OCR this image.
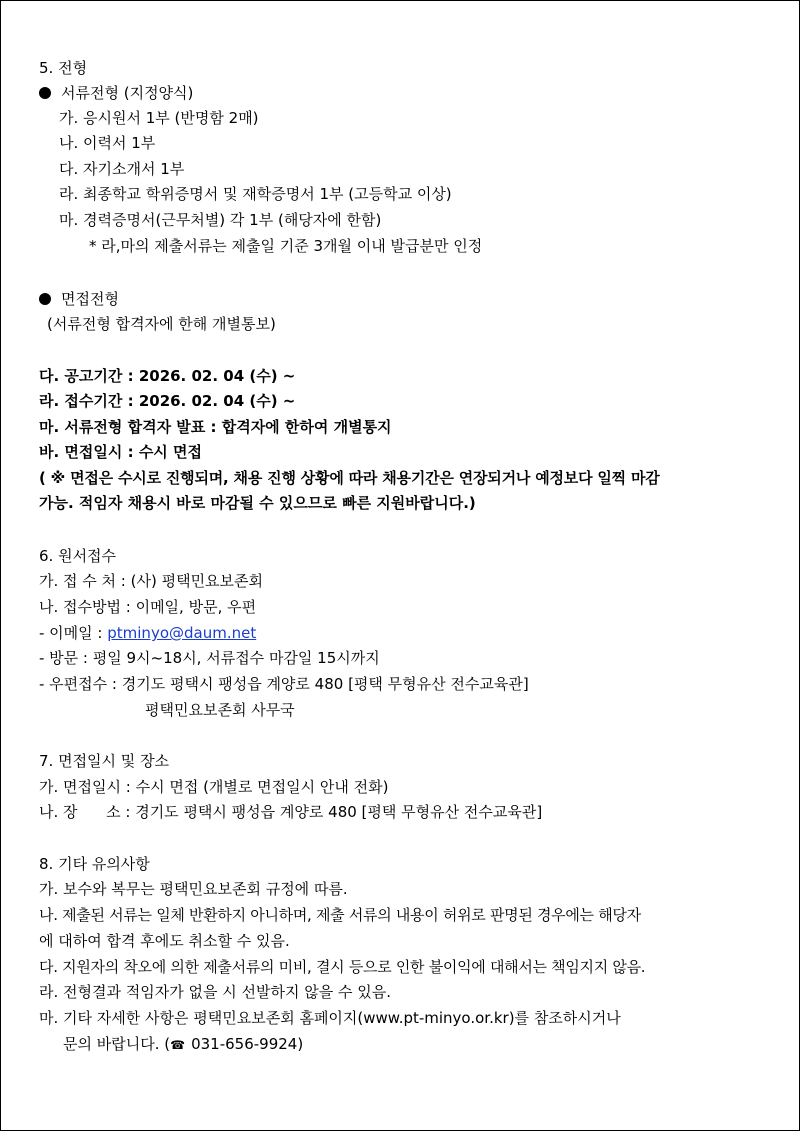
5. 전형
서류전형 (지정양식)
가. 응시원서 1부 (반명함 2매)
나. 이력서 1부
다. 자기소개서 1부
라. 최종학교 학위증명서 및 재학증명서 1부 (고등학교 이상)
마. 경력증명서(근무처별) 각 1부 (해당자에 한함)
* 라,마의 제출서류는 제출일 기준 3개월 이내 발급분만 인정
면접전형
(서류전형 합격자에 한해 개별통보)
다. 공고기간 : 2026. 02. 04 (수) ~
라. 접수기간 : 2026. 02. 04 (수) ~
마. 서류전형 합격자 발표 : 합격자에 한하여 개별통지
바. 면접일시 : 수시 면접
( ※ 면접은 수시로 진행되며, 채용 진행 상황에 따라 채용기간은 연장되거나 예정보다 일찍 마감
가능. 적임자 채용시 바로 마감될 수 있으므로 빠른 지원바랍니다.)
6. 원서접수
가. 접 수 처 : (사) 평택민요보존회
나. 접수방법 : 이메일, 방문, 우편
- 이메일 : ptminyo@daum.net
- 방문 : 평일 9시~18시, 서류접수 마감일 15시까지
- 우편접수 : 경기도 평택시 팽성읍 계양로 480 [평택 무형유산 전수교육관]
평택민요보존회 사무국
7. 면접일시 및 장소
가. 면접일시 : 수시 면접 (개별로 면접일시 안내 전화)
나. 장      소 : 경기도 평택시 팽성읍 계양로 480 [평택 무형유산 전수교육관]
8. 기타 유의사항
가. 보수와 복무는 평택민요보존회 규정에 따름.
나. 제출된 서류는 일체 반환하지 아니하며, 제출 서류의 내용이 허위로 판명된 경우에는 해당자
에 대하여 합격 후에도 취소할 수 있음.
다. 지원자의 착오에 의한 제출서류의 미비, 결시 등으로 인한 불이익에 대해서는 책임지지 않음.
라. 전형결과 적임자가 없을 시 선발하지 않을 수 있음.
마. 기타 자세한 사항은 평택민요보존회 홈페이지(www.pt-minyo.or.kr)를 참조하시거나
문의 바랍니다. (☎ 031-656-9924)
